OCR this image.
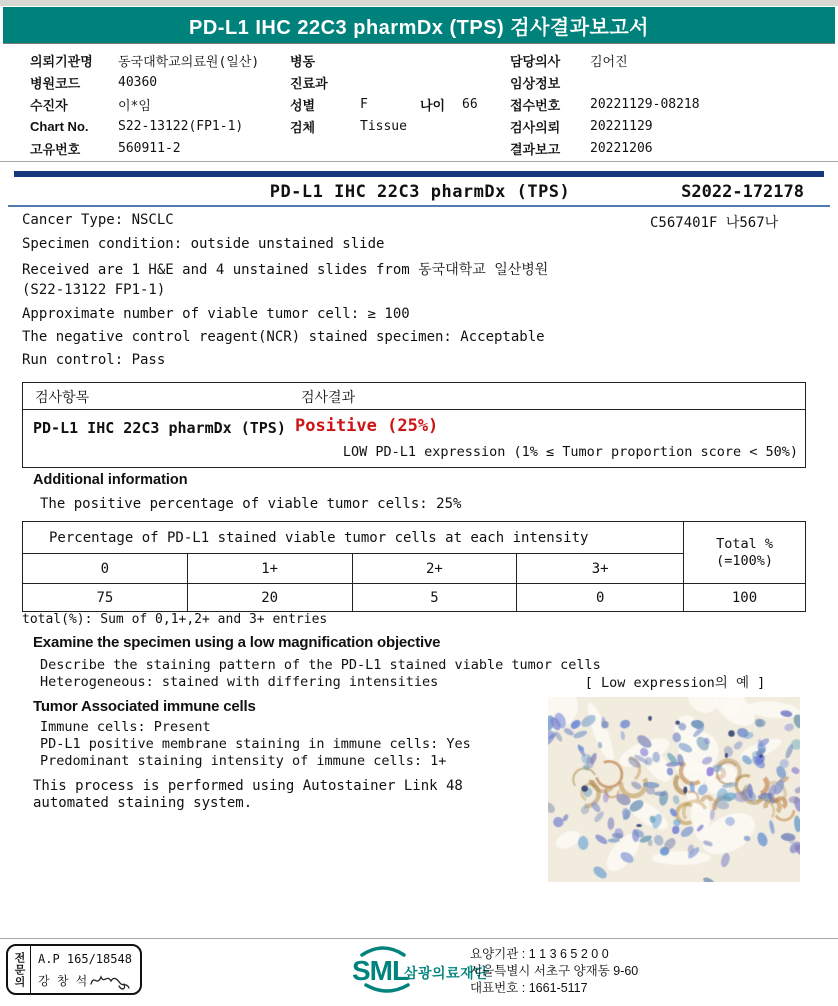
PD-L1 IHC 22C3 pharmDx (TPS) 검사결과보고서
의뢰기관명	동국대학교의료원(일산)
병원코드	40360
수진자	이*임
Chart No.	S22-13122(FP1-1)
고유번호	560911-2
병동
진료과
성별	F	나이	66
검체	Tissue
담당의사	김어진
임상정보
접수번호	20221129-08218
검사의뢰	20221129
결과보고	20221206
PD-L1 IHC 22C3 pharmDx (TPS)	S2022-172178
Cancer Type: NSCLC	C567401F 나567나
Specimen condition: outside unstained slide
Received are 1 H&E and 4 unstained slides from 동국대학교 일산병원
(S22-13122 FP1-1)
Approximate number of viable tumor cell: ≥ 100
The negative control reagent(NCR) stained specimen: Acceptable
Run control: Pass
검사항목	검사결과
PD-L1 IHC 22C3 pharmDx (TPS) Positive (25%)
LOW PD-L1 expression (1% ≤ Tumor proportion score < 50%)
Additional information
The positive percentage of viable tumor cells: 25%
Percentage of PD-L1 stained viable tumor cells at each intensity				Total %
(=100%)
0	1+	2+	3+	
75	20	5	0	100
total(%): Sum of 0,1+,2+ and 3+ entries
Examine the specimen using a low magnification objective
Describe the staining pattern of the PD-L1 stained viable tumor cells
Heterogeneous: stained with differing intensities
Tumor Associated immune cells
Immune cells: Present
PD-L1 positive membrane staining in immune cells: Yes
Predominant staining intensity of immune cells: 1+
This process is performed using Autostainer Link 48
automated staining system.
[ Low expression의 예 ]
전문의	A.P 165/18548
강 창 석	SML
삼광의료재단
요양기관 : 1 1 3 6 5 2 0 0
서울특별시 서초구 양재동 9-60
대표번호 : 1661-5117
